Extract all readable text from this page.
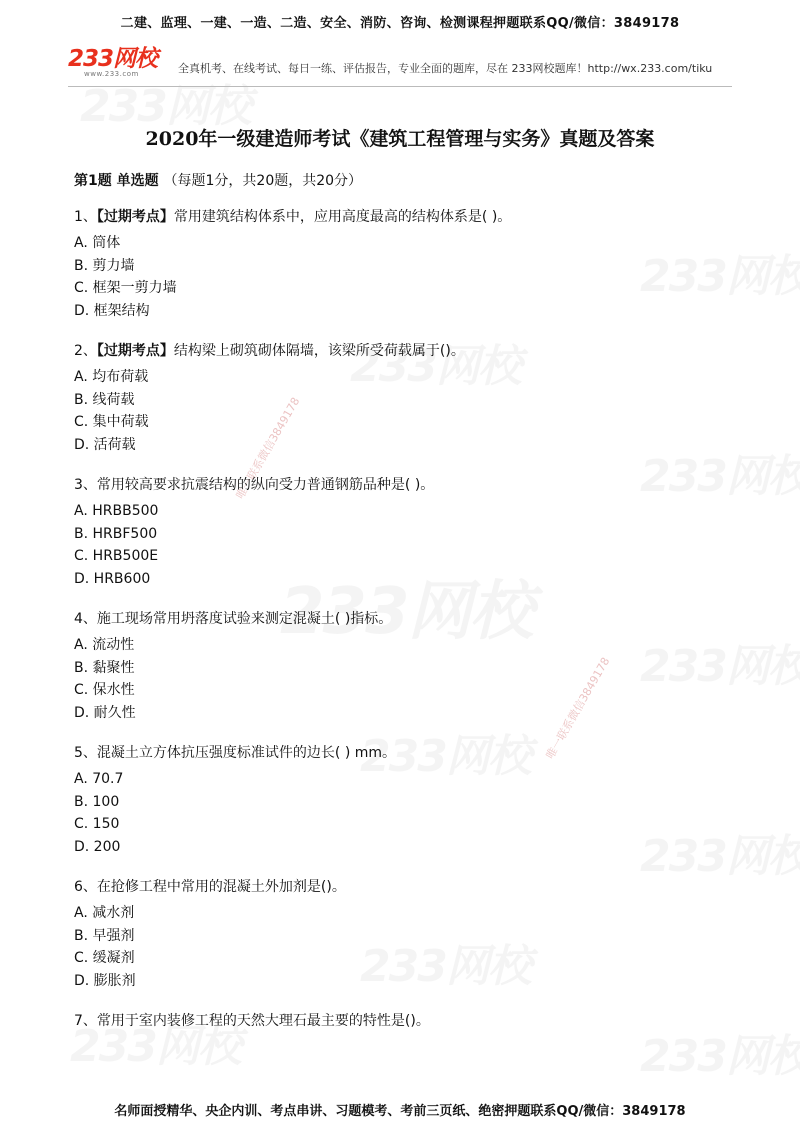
唯一联系微信3849178
唯一联系微信3849178
二建、监理、一建、一造、二造、安全、消防、咨询、检测课程押题联系QQ/微信：3849178
233网校
www.233.com	全真机考、在线考试、每日一练、评估报告，专业全面的题库，尽在 233网校题库！http://wx.233.com/tiku
2020年一级建造师考试《建筑工程管理与实务》真题及答案
第1题 单选题 （每题1分，共20题，共20分）
1、【过期考点】常用建筑结构体系中，应用高度最高的结构体系是( )。
A. 筒体
B. 剪力墙
C. 框架一剪力墙
D. 框架结构
2、【过期考点】结构梁上砌筑砌体隔墙，该梁所受荷载属于()。
A. 均布荷载
B. 线荷载
C. 集中荷载
D. 活荷载
3、常用较高要求抗震结构的纵向受力普通钢筋品种是( )。
A. HRBB500
B. HRBF500
C. HRB500E
D. HRB600
4、施工现场常用坍落度试验来测定混凝土( )指标。
A. 流动性
B. 黏聚性
C. 保水性
D. 耐久性
5、混凝土立方体抗压强度标准试件的边长( ) mm。
A. 70.7
B. 100
C. 150
D. 200
6、在抢修工程中常用的混凝土外加剂是()。
A. 减水剂
B. 早强剂
C. 缓凝剂
D. 膨胀剂
7、常用于室内装修工程的天然大理石最主要的特性是()。
名师面授精华、央企内训、考点串讲、习题模考、考前三页纸、绝密押题联系QQ/微信：3849178
